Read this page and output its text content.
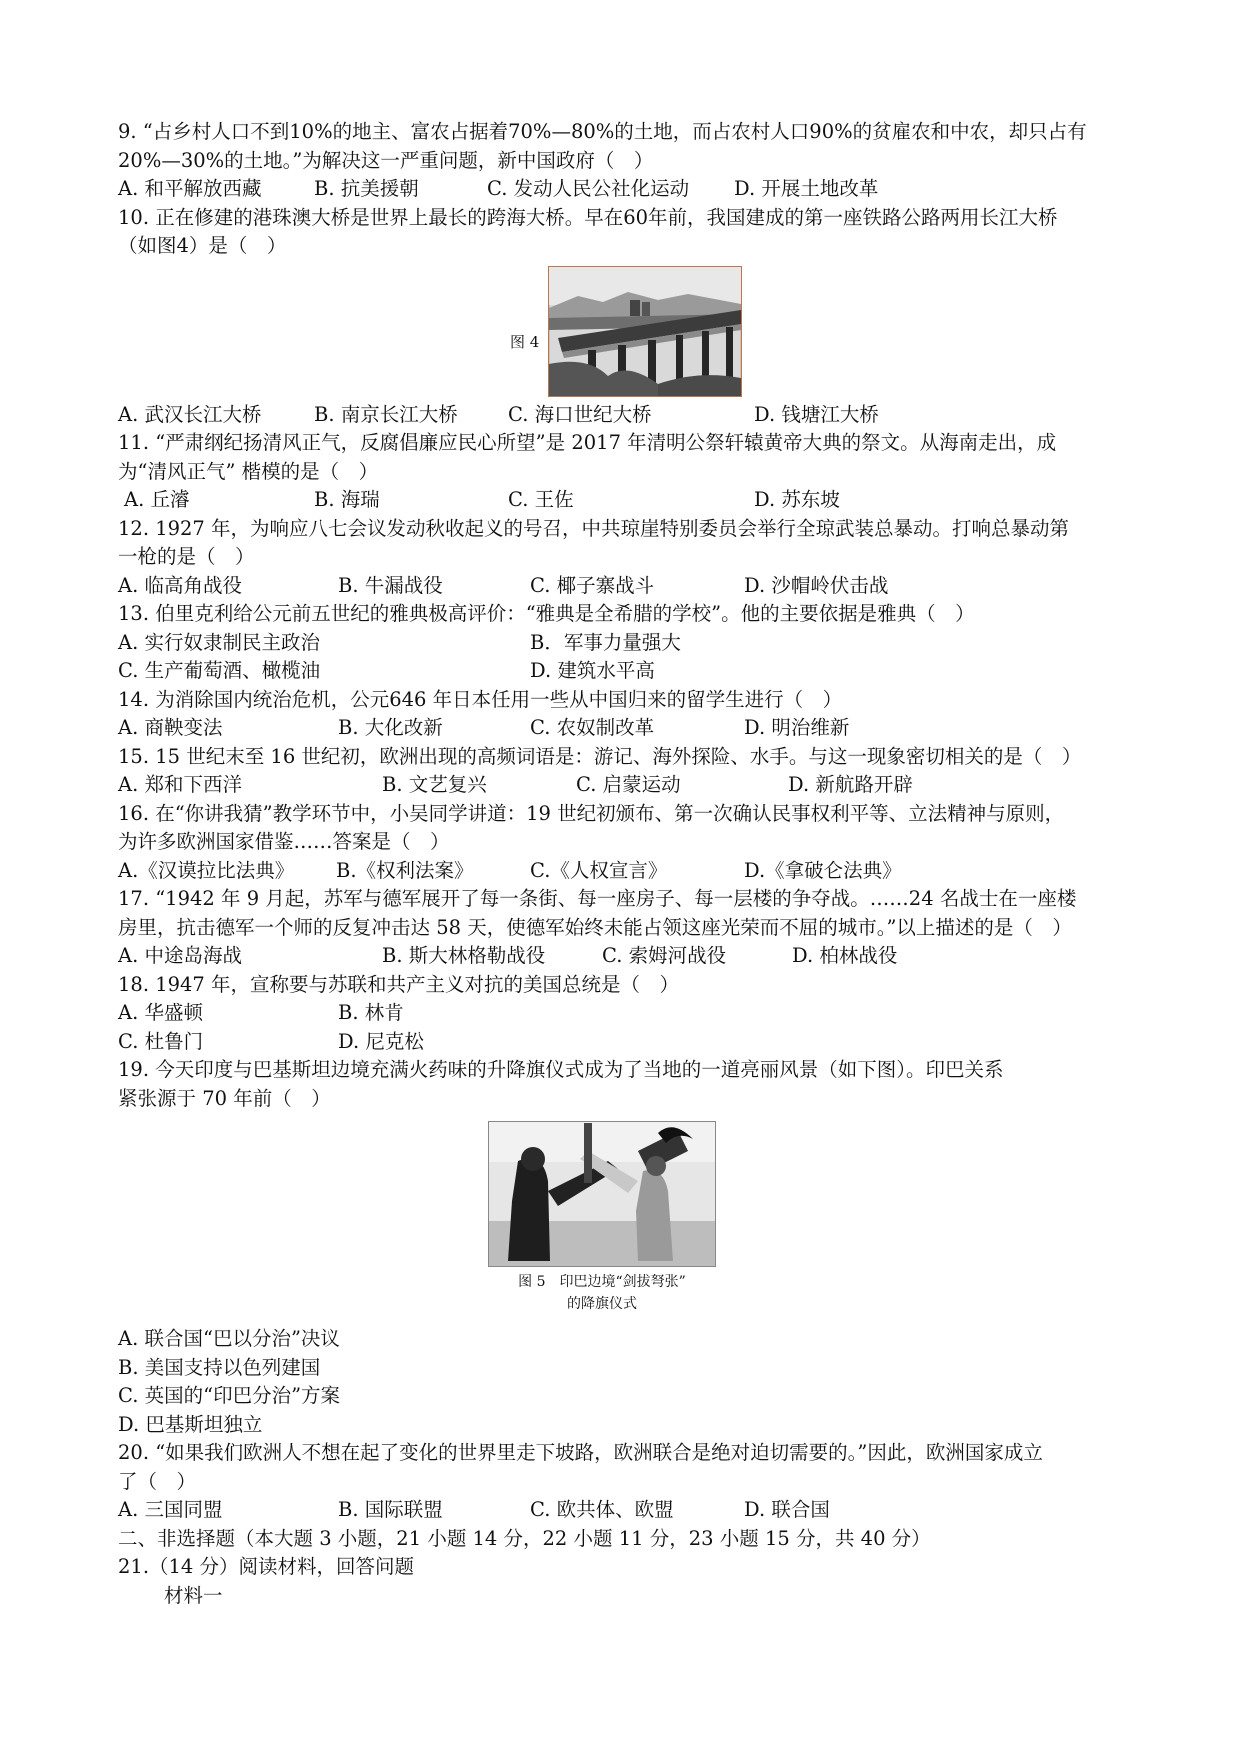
9. “占乡村人口不到10%的地主、富农占据着70%—80%的土地，而占农村人口90%的贫雇农和中农，却只占有
20%—30%的土地。”为解决这一严重问题，新中国政府（　）
A. 和平解放西藏	B. 抗美援朝	C. 发动人民公社化运动	D. 开展土地改革
10. 正在修建的港珠澳大桥是世界上最长的跨海大桥。早在60年前，我国建成的第一座铁路公路两用长江大桥
（如图4）是（　）
图 4
A. 武汉长江大桥	B. 南京长江大桥	C. 海口世纪大桥	D. 钱塘江大桥
11. “严肃纲纪扬清风正气，反腐倡廉应民心所望”是 2017 年清明公祭轩辕黄帝大典的祭文。从海南走出，成
为“清风正气” 楷模的是（　）
A. 丘濬	B. 海瑞	C. 王佐	D. 苏东坡
12. 1927 年，为响应八七会议发动秋收起义的号召，中共琼崖特别委员会举行全琼武装总暴动。打响总暴动第
一枪的是（　）
A. 临高角战役	B. 牛漏战役	C. 椰子寨战斗	D. 沙帽岭伏击战
13. 伯里克利给公元前五世纪的雅典极高评价：“雅典是全希腊的学校”。他的主要依据是雅典（　）
A. 实行奴隶制民主政治	B．军事力量强大
C. 生产葡萄酒、橄榄油	D. 建筑水平高
14. 为消除国内统治危机，公元646 年日本任用一些从中国归来的留学生进行（　）
A. 商鞅变法	B. 大化改新	C. 农奴制改革	D. 明治维新
15. 15 世纪末至 16 世纪初，欧洲出现的高频词语是：游记、海外探险、水手。与这一现象密切相关的是（　）
A. 郑和下西洋	B. 文艺复兴	C. 启蒙运动	D. 新航路开辟
16. 在“你讲我猜”教学环节中，小吴同学讲道：19 世纪初颁布、第一次确认民事权利平等、立法精神与原则，
为许多欧洲国家借鉴……答案是（　）
A.《汉谟拉比法典》	B.《权利法案》	C.《人权宣言》	D.《拿破仑法典》
17. “1942 年 9 月起，苏军与德军展开了每一条街、每一座房子、每一层楼的争夺战。……24 名战士在一座楼
房里，抗击德军一个师的反复冲击达 58 天，使德军始终未能占领这座光荣而不屈的城市。”以上描述的是（　）
A. 中途岛海战	B. 斯大林格勒战役	C. 索姆河战役	D. 柏林战役
18. 1947 年，宣称要与苏联和共产主义对抗的美国总统是（　）
A. 华盛顿	B. 林肯
C. 杜鲁门	D. 尼克松
19. 今天印度与巴基斯坦边境充满火药味的升降旗仪式成为了当地的一道亮丽风景（如下图）。印巴关系
紧张源于 70 年前（　）
图 5　印巴边境“剑拔弩张”
的降旗仪式
A. 联合国“巴以分治”决议
B. 美国支持以色列建国
C. 英国的“印巴分治”方案
D. 巴基斯坦独立
20. “如果我们欧洲人不想在起了变化的世界里走下坡路，欧洲联合是绝对迫切需要的。”因此，欧洲国家成立
了（　）
A. 三国同盟	B. 国际联盟	C. 欧共体、欧盟	D. 联合国
二、非选择题（本大题 3 小题，21 小题 14 分，22 小题 11 分，23 小题 15 分，共 40 分）
21.（14 分）阅读材料，回答问题
材料一
